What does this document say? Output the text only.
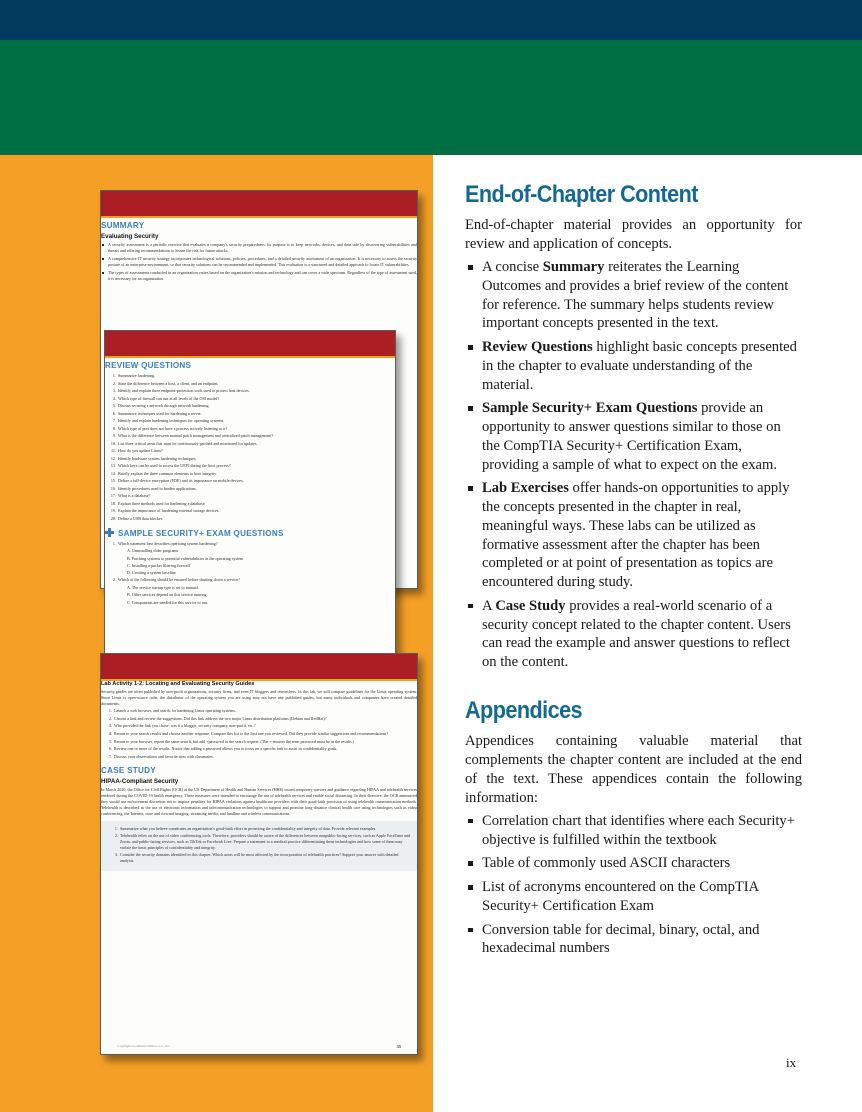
SUMMARY
Evaluating Security
A security assessment is a periodic exercise that evaluates a company's security preparedness. Its purpose is to keep networks, devices, and data safe by discovering vulnerabilities and threats and offering recommendations to lessen the risk for future attacks.
A comprehensive IT security strategy incorporates technological solutions, policies, procedures, and a detailed security assessment of an organization. It is necessary to assess the security posture of an enterprise environment, so that security solutions can be recommended and implemented. This evaluation is a structured and detailed approach to locate IT vulnerabilities.
The types of assessments conducted in an organization varies based on the organization's mission and technology and can cover a wide spectrum. Regardless of the type of assessment used, it is necessary for an organization
REVIEW QUESTIONS
Summarize hardening.
State the difference between a host, a client, and an endpoint.
Identify and explain three endpoint-protection tools used to protect host devices.
Which type of firewall can run at all levels of the OSI model?
Discuss securing a network through network hardening.
Summarize techniques used for hardening a server.
Identify and explain hardening techniques for operating systems.
Which type of port does not have a process actively listening to it?
What is the difference between manual patch management and centralized patch management?
List three critical areas that must be continuously patched and monitored for updates.
How do you update Linux?
Identify hardware system hardening techniques.
Which keys can be used to access the UEFI during the boot process?
Briefly explain the three common elements to boot integrity.
Define a full-device encryption (FDE) and its importance on mobile devices.
Identify procedures used to harden applications.
What is a database?
Explain three methods used for hardening a database.
Explain the importance of hardening external storage devices.
Define a USB data blocker.
SAMPLE SECURITY+ EXAM QUESTIONS
Which statement best describes operating system hardening?
A. Uninstalling older programs
B. Patching systems to potential vulnerabilities in the operating system
C. Installing a packet filtering firewall
D. Creating a system baseline
Which of the following should be ensured before shutting down a service?
A. The service startup type is set to manual.
B. Other services depend on this service running.
C. Components are needed for this service to run.
Lab Activity 1-2: Locating and Evaluating Security Guides

Security guides are often published by non-profit organizations, security firms, and even IT bloggers and researchers. In this lab, we will compare guidelines for the Linux operating system. Since Linux is open-source code, the distributor of the operating system you are using may not have any published guides, but many individuals and companies have created detailed documents.

Launch a web browser, and search for hardening Linux operating systems.
Choose a link and review the suggestions. Did this link address the two major Linux distribution platforms (Debian and RedHat)?
Who provided the link you chose: was it a blogger, security company, non-profit, etc.?
Return to your search results and choose another response. Compare this list to the first one you reviewed. Did they provide similar suggestions and recommendations?
Return to your browser, repeat the same search, but add +password in the search request. (The + ensures the term password must be in the results.)
Review one or more of the results. Notice that adding a password allows you to focus on a specific task to assist in confidentiality goals.
Discuss your observations and favorite sites with classmates.
CASE STUDY
HIPAA-Compliant Security

In March 2020, the Office for Civil Rights (OCR) at the US Department of Health and Human Services (HHS) issued temporary waivers and guidance regarding HIPAA and telehealth services rendered during the COVID-19 health emergency. These measures were intended to encourage the use of telehealth services and enable social distancing. In their directive, the OCR announced they would use enforcement discretion not to impose penalties for HIPAA violations against healthcare providers with their good-faith provision of using telehealth communication methods. Telehealth is described as the use of electronic information and telecommunication technologies to support and promote long-distance clinical health care using technologies such as video conferencing, the Internet, store and forward imaging, streaming media, and landline and wireless communications.

Summarize what you believe constitutes an organization's good-faith effort in protecting the confidentiality and integrity of data. Provide relevant examples.
Telehealth relies on the use of video conferencing tools. Therefore, providers should be aware of the differences between nonpublic-facing services, such as Apple FaceTime and Zoom, and public-facing services, such as TikTok or Facebook Live. Prepare a statement to a medical practice differentiating these technologies and how some of them may violate the basic principles of confidentiality and integrity.
Consider the security domains identified in this chapter. Which areas will be most affected by the incorporation of telehealth practices? Support your answer with detailed analysis.
Copyright Goodheart-Willcox Co., Inc.	35
End-of-Chapter Content

End-of-chapter material provides an opportunity for review and application of concepts.

A concise Summary reiterates the Learning Outcomes and provides a brief review of the content for reference. The summary helps students review important concepts presented in the text.
Review Questions highlight basic concepts presented in the chapter to evaluate understanding of the material.
Sample Security+ Exam Questions provide an opportunity to answer questions similar to those on the CompTIA Security+ Certification Exam, providing a sample of what to expect on the exam.
Lab Exercises offer hands-on opportunities to apply the concepts presented in the chapter in real, meaningful ways. These labs can be utilized as formative assessment after the chapter has been completed or at point of presentation as topics are encountered during study.
A Case Study provides a real-world scenario of a security concept related to the chapter content. Users can read the example and answer questions to reflect on the content.
Appendices

Appendices containing valuable material that complements the chapter content are included at the end of the text. These appendices contain the following information:

Correlation chart that identifies where each Security+ objective is fulfilled within the textbook
Table of commonly used ASCII characters
List of acronyms encountered on the CompTIA Security+ Certification Exam
Conversion table for decimal, binary, octal, and hexadecimal numbers
ix
